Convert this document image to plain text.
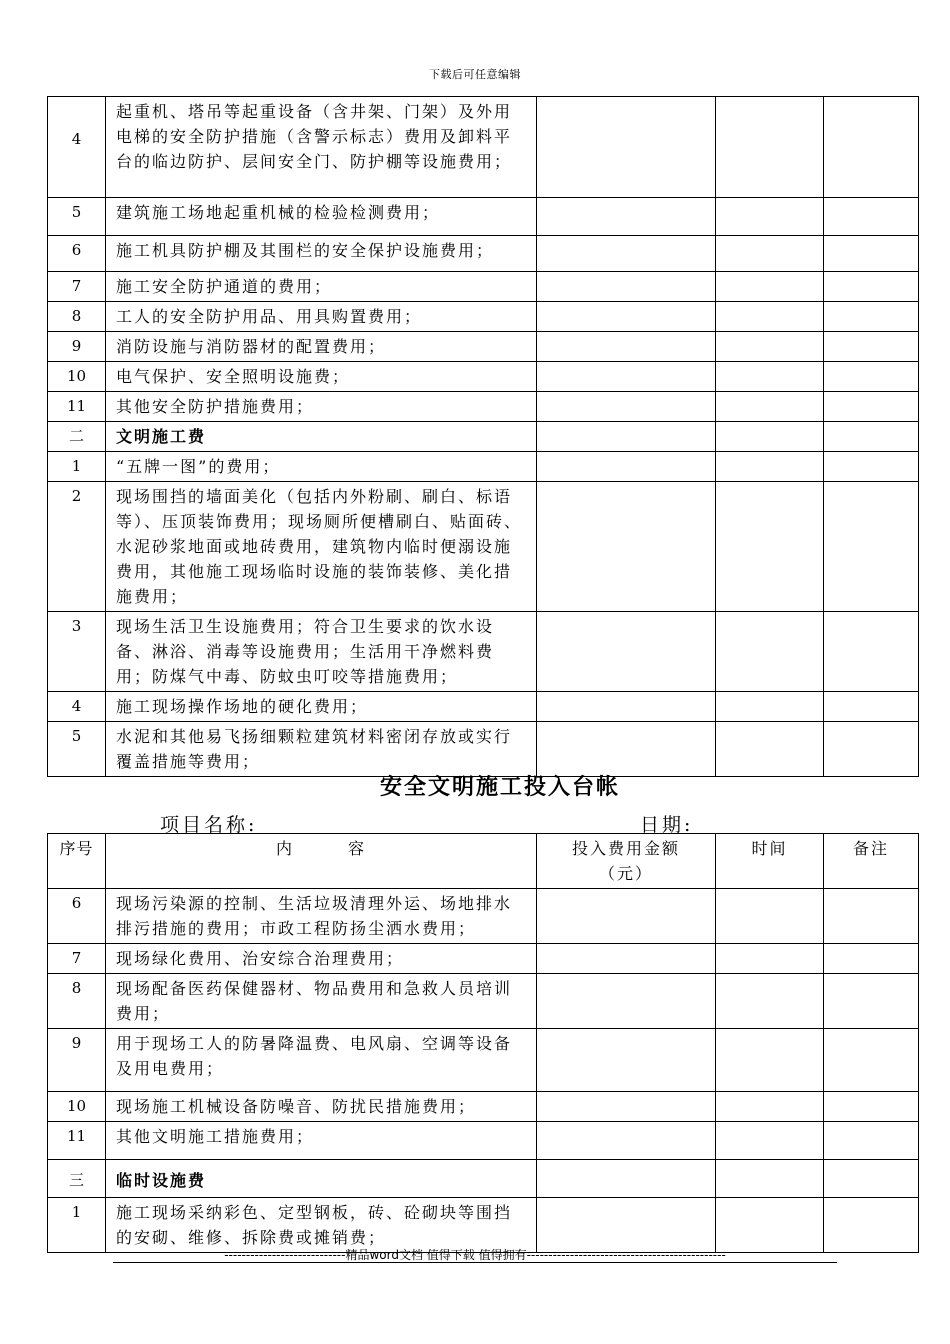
下载后可任意编辑
4	起重机、塔吊等起重设备（含井架、门架）及外用电梯的安全防护措施（含警示标志）费用及卸料平台的临边防护、层间安全门、防护棚等设施费用；			
5	建筑施工场地起重机械的检验检测费用；			
6	施工机具防护棚及其围栏的安全保护设施费用；			
7	施工安全防护通道的费用；			
8	工人的安全防护用品、用具购置费用；			
9	消防设施与消防器材的配置费用；			
10	电气保护、安全照明设施费；			
11	其他安全防护措施费用；			
二	文明施工费			
1	“五牌一图”的费用；			
2	现场围挡的墙面美化（包括内外粉刷、刷白、标语等）、压顶装饰费用；现场厕所便槽刷白、贴面砖、水泥砂浆地面或地砖费用，建筑物内临时便溺设施费用，其他施工现场临时设施的装饰装修、美化措施费用；			
3	现场生活卫生设施费用；符合卫生要求的饮水设备、淋浴、消毒等设施费用；生活用干净燃料费用；防煤气中毒、防蚊虫叮咬等措施费用；			
4	施工现场操作场地的硬化费用；			
5	水泥和其他易飞扬细颗粒建筑材料密闭存放或实行覆盖措施等费用；			
安全文明施工投入台帐
项目名称:	日期:
序号	内　　　容	投入费用金额（元）	时间	备注
6	现场污染源的控制、生活垃圾清理外运、场地排水排污措施的费用；市政工程防扬尘洒水费用；			
7	现场绿化费用、治安综合治理费用；			
8	现场配备医药保健器材、物品费用和急救人员培训费用；			
9	用于现场工人的防暑降温费、电风扇、空调等设备及用电费用；			
10	现场施工机械设备防噪音、防扰民措施费用；			
11	其他文明施工措施费用；			
三	临时设施费			
1	施工现场采纳彩色、定型钢板，砖、砼砌块等围挡的安砌、维修、拆除费或摊销费；			
----------------------------精品word文档 值得下载 值得拥有----------------------------------------------
